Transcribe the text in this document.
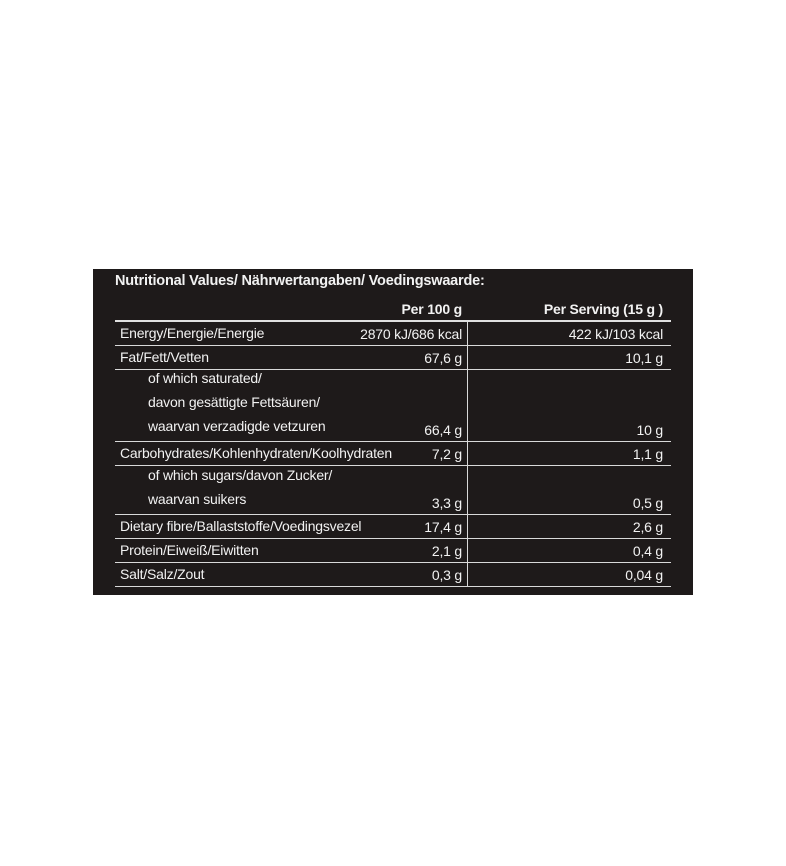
Nutritional Values/ Nährwertangaben/ Voedingswaarde:
Per 100 g	Per Serving (15 g )
Energy/Energie/Energie	2870 kJ/686 kcal	422 kJ/103 kcal
Fat/Fett/Vetten	67,6 g	10,1 g
of which saturated/
davon gesättigte Fettsäuren/
waarvan verzadigde vetzuren	66,4 g	10 g
Carbohydrates/Kohlenhydraten/Koolhydraten	7,2 g	1,1 g
of which sugars/davon Zucker/
waarvan suikers	3,3 g	0,5 g
Dietary fibre/Ballaststoffe/Voedingsvezel	17,4 g	2,6 g
Protein/Eiweiß/Eiwitten	2,1 g	0,4 g
Salt/Salz/Zout	0,3 g	0,04 g
